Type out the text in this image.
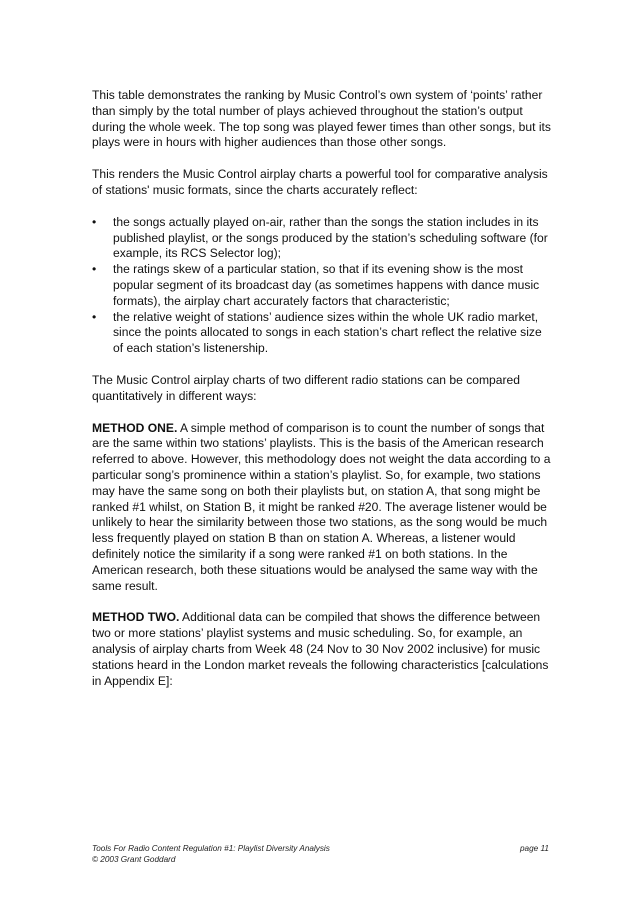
This table demonstrates the ranking by Music Control’s own system of ‘points’ rather than simply by the total number of plays achieved throughout the station’s output during the whole week. The top song was played fewer times than other songs, but its plays were in hours with higher audiences than those other songs.

This renders the Music Control airplay charts a powerful tool for comparative analysis of stations' music formats, since the charts accurately reflect:

• the songs actually played on-air, rather than the songs the station includes in its published playlist, or the songs produced by the station’s scheduling software (for example, its RCS Selector log);
• the ratings skew of a particular station, so that if its evening show is the most popular segment of its broadcast day (as sometimes happens with dance music formats), the airplay chart accurately factors that characteristic;
• the relative weight of stations’ audience sizes within the whole UK radio market, since the points allocated to songs in each station’s chart reflect the relative size of each station’s listenership.

The Music Control airplay charts of two different radio stations can be compared quantitatively in different ways:

METHOD ONE. A simple method of comparison is to count the number of songs that are the same within two stations’ playlists. This is the basis of the American research referred to above. However, this methodology does not weight the data according to a particular song’s prominence within a station’s playlist. So, for example, two stations may have the same song on both their playlists but, on station A, that song might be ranked #1 whilst, on Station B, it might be ranked #20. The average listener would be unlikely to hear the similarity between those two stations, as the song would be much less frequently played on station B than on station A. Whereas, a listener would definitely notice the similarity if a song were ranked #1 on both stations. In the American research, both these situations would be analysed the same way with the same result.

METHOD TWO. Additional data can be compiled that shows the difference between two or more stations’ playlist systems and music scheduling. So, for example, an analysis of airplay charts from Week 48 (24 Nov to 30 Nov 2002 inclusive) for music stations heard in the London market reveals the following characteristics [calculations in Appendix E]:

Tools For Radio Content Regulation #1: Playlist Diversity Analysis	page 11
© 2003 Grant Goddard
